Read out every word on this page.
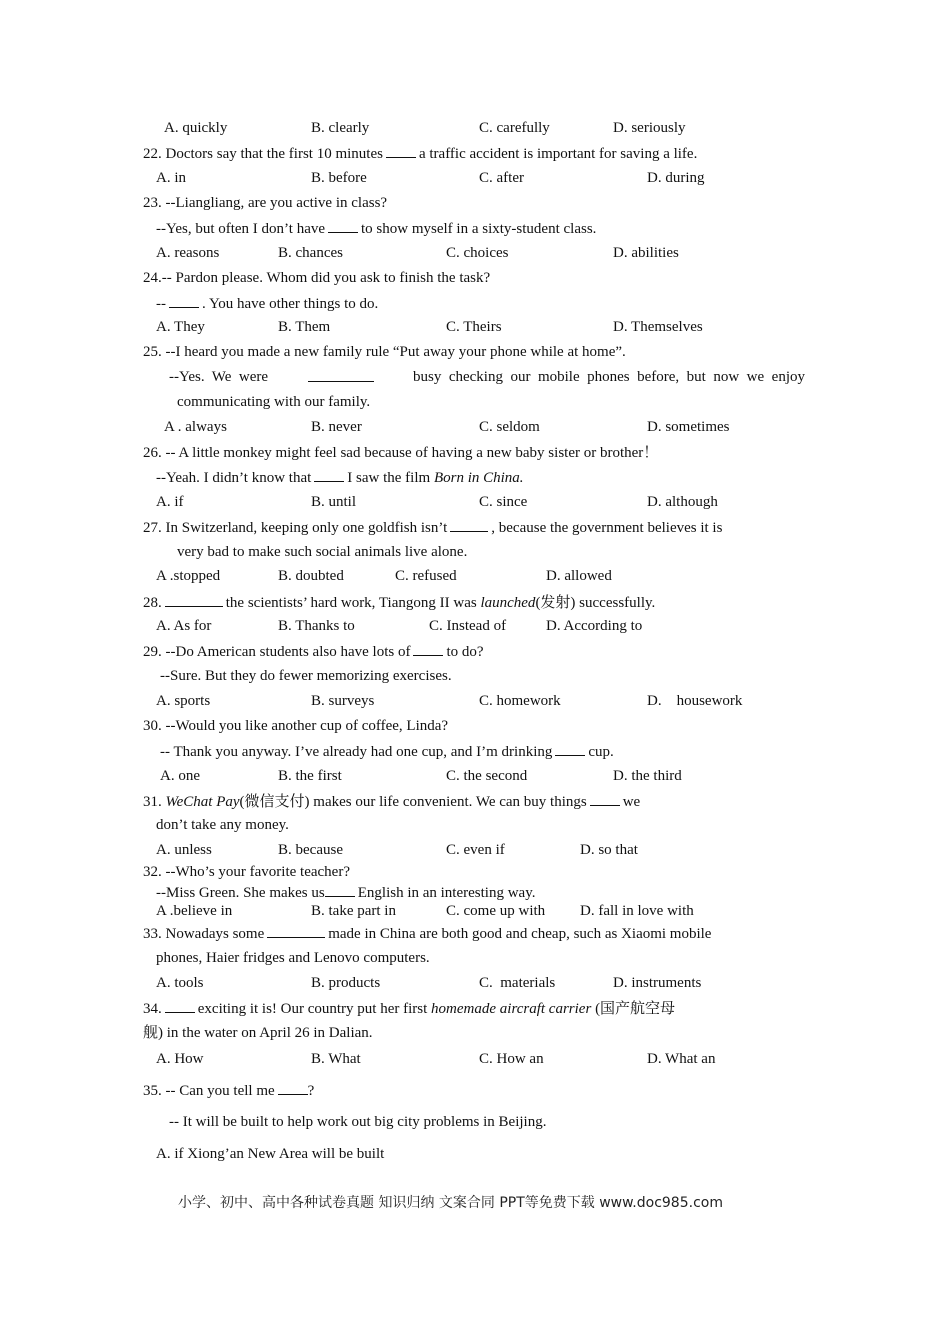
A. quickly	B. clearly	C. carefully	D. seriously
22. Doctors say that the first 10 minutes a traffic accident is important for saving a life.
A. in	B. before	C. after	D. during
23. --Liangliang, are you active in class?
--Yes, but often I don’t have to show myself in a sixty-student class.
A. reasons	B. chances	C. choices	D. abilities
24.-- Pardon please. Whom did you ask to finish the task?
-- . You have other things to do.
A. They	B. Them	C. Theirs	D. Themselves
25. --I heard you made a new family rule “Put away your phone while at home”.
--Yes.  We  were	busy  checking  our  mobile  phones  before,  but  now  we  enjoy
communicating with our family.
A . always	B. never	C. seldom	D. sometimes
26. -- A little monkey might feel sad because of having a new baby sister or brother！
--Yeah. I didn’t know that I saw the film Born in China.
A. if	B. until	C. since	D. although
27. In Switzerland, keeping only one goldfish isn’t	, because the government believes it is
very bad to make such social animals live alone.
A .stopped	B. doubted	C. refused	D. allowed
28.	the scientists’ hard work, Tiangong II was launched(发射) successfully.
A. As for	B. Thanks to	C. Instead of	D. According to
29. --Do American students also have lots of to do?
--Sure. But they do fewer memorizing exercises.
A. sports	B. surveys	C. homework	D.    housework
30. --Would you like another cup of coffee, Linda?
-- Thank you anyway. I’ve already had one cup, and I’m drinking cup.
A. one	B. the first	C. the second	D. the third
31. WeChat Pay(微信支付) makes our life convenient. We can buy things we
don’t take any money.
A. unless	B. because	C. even if	D. so that
32. --Who’s your favorite teacher?
--Miss Green. She makes us English in an interesting way.
A .believe in	B. take part in	C. come up with D. fall in love with
33. Nowadays some	made in China are both good and cheap, such as Xiaomi mobile
phones, Haier fridges and Lenovo computers.
A. tools	B. products	C.  materials	D. instruments
34. exciting it is! Our country put her first homemade aircraft carrier (国产航空母
舰) in the water on April 26 in Dalian.
A. How	B. What	C. How an	D. What an
35. -- Can you tell me ?
-- It will be built to help work out big city problems in Beijing.
A. if Xiong’an New Area will be built
小学、初中、高中各种试卷真题 知识归纳 文案合同 PPT等免费下载 www.doc985.com
